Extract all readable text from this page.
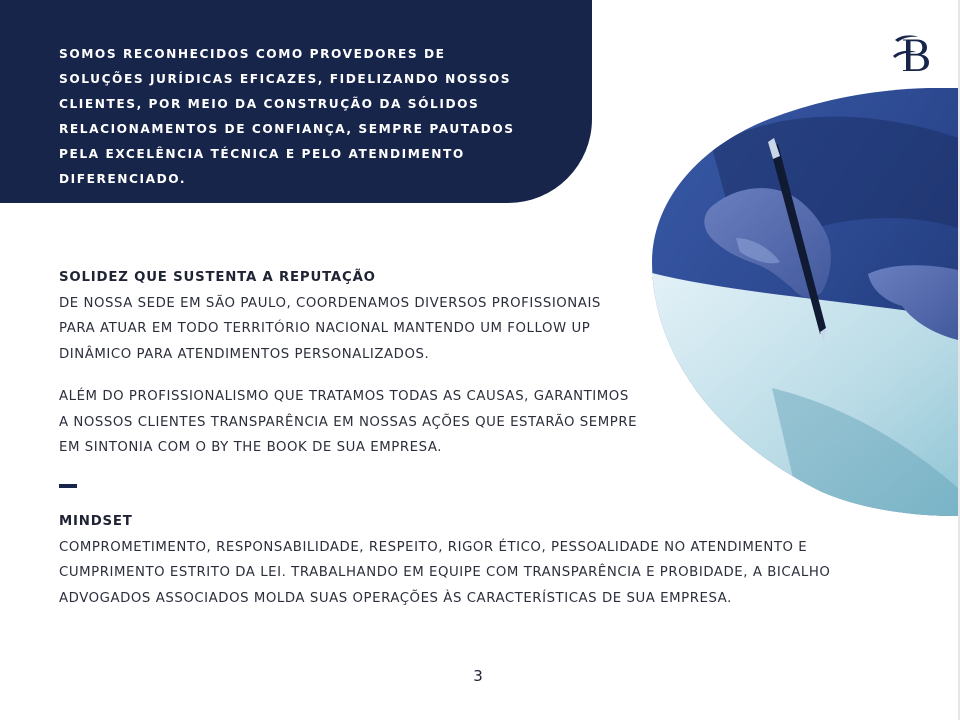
SOMOS RECONHECIDOS COMO PROVEDORES DE SOLUÇÕES JURÍDICAS EFICAZES, FIDELIZANDO NOSSOS CLIENTES, POR MEIO DA CONSTRUÇÃO DA SÓLIDOS RELACIONAMENTOS DE CONFIANÇA, SEMPRE PAUTADOS PELA EXCELÊNCIA TÉCNICA E PELO ATENDIMENTO DIFERENCIADO.

SOLIDEZ QUE SUSTENTA A REPUTAÇÃO
DE NOSSA SEDE EM SÃO PAULO, COORDENAMOS DIVERSOS PROFISSIONAIS
PARA ATUAR EM TODO TERRITÓRIO NACIONAL MANTENDO UM FOLLOW UP
DINÂMICO PARA ATENDIMENTOS PERSONALIZADOS.
ALÉM DO PROFISSIONALISMO QUE TRATAMOS TODAS AS CAUSAS, GARANTIMOS
A NOSSOS CLIENTES TRANSPARÊNCIA EM NOSSAS AÇÕES QUE ESTARÃO SEMPRE
EM SINTONIA COM O BY THE BOOK DE SUA EMPRESA.
MINDSET
COMPROMETIMENTO, RESPONSABILIDADE, RESPEITO, RIGOR ÉTICO, PESSOALIDADE NO ATENDIMENTO E
CUMPRIMENTO ESTRITO DA LEI. TRABALHANDO EM EQUIPE COM TRANSPARÊNCIA E PROBIDADE, A BICALHO
ADVOGADOS ASSOCIADOS MOLDA SUAS OPERAÇÕES ÀS CARACTERÍSTICAS DE SUA EMPRESA.
3
